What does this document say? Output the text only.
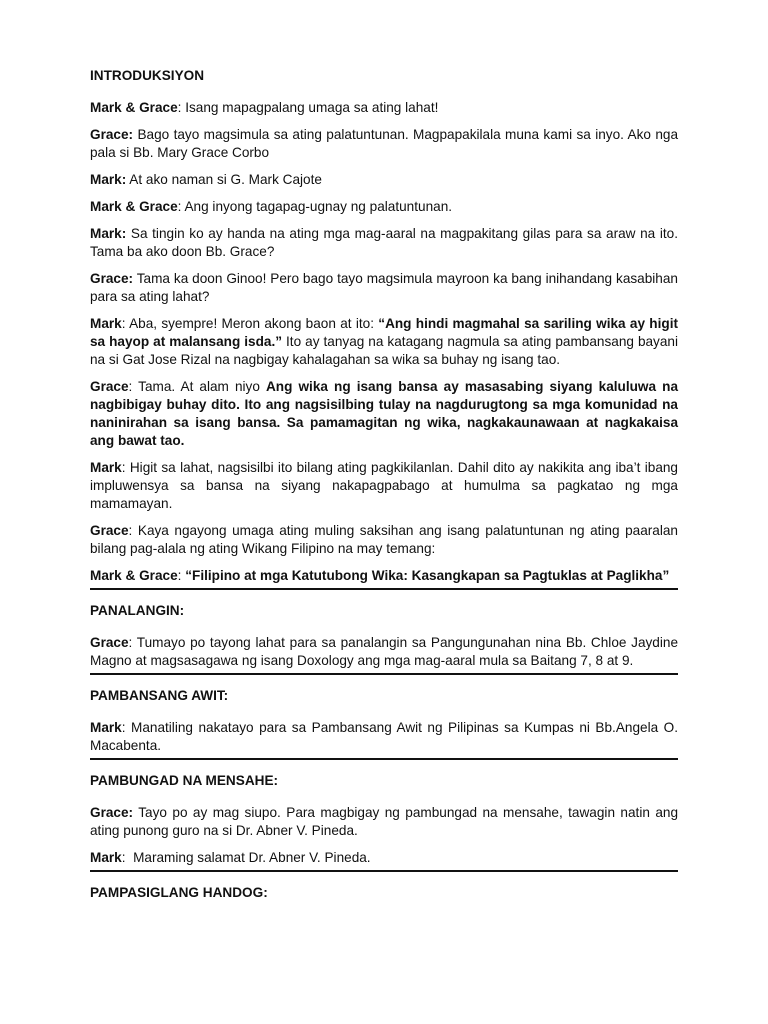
INTRODUKSIYON
Mark & Grace: Isang mapagpalang umaga sa ating lahat!
Grace: Bago tayo magsimula sa ating palatuntunan. Magpapakilala muna kami sa inyo. Ako nga pala si Bb. Mary Grace Corbo
Mark: At ako naman si G. Mark Cajote
Mark & Grace: Ang inyong tagapag-ugnay ng palatuntunan.
Mark: Sa tingin ko ay handa na ating mga mag-aaral na magpakitang gilas para sa araw na ito. Tama ba ako doon Bb. Grace?
Grace: Tama ka doon Ginoo! Pero bago tayo magsimula mayroon ka bang inihandang kasabihan para sa ating lahat?
Mark: Aba, syempre! Meron akong baon at ito: “Ang hindi magmahal sa sariling wika ay higit sa hayop at malansang isda.” Ito ay tanyag na katagang nagmula sa ating pambansang bayani na si Gat Jose Rizal na nagbigay kahalagahan sa wika sa buhay ng isang tao.
Grace: Tama. At alam niyo Ang wika ng isang bansa ay masasabing siyang kaluluwa na nagbibigay buhay dito. Ito ang nagsisilbing tulay na nagdurugtong sa mga komunidad na naninirahan sa isang bansa. Sa pamamagitan ng wika, nagkakaunawaan at nagkakaisa ang bawat tao.
Mark: Higit sa lahat, nagsisilbi ito bilang ating pagkikilanlan. Dahil dito ay nakikita ang iba’t ibang impluwensya sa bansa na siyang nakapagpabago at humulma sa pagkatao ng mga mamamayan.
Grace: Kaya ngayong umaga ating muling saksihan ang isang palatuntunan ng ating paaralan bilang pag-alala ng ating Wikang Filipino na may temang:
Mark & Grace: “Filipino at mga Katutubong Wika: Kasangkapan sa Pagtuklas at Paglikha”
PANALANGIN:
Grace: Tumayo po tayong lahat para sa panalangin sa Pangungunahan nina Bb. Chloe Jaydine Magno at magsasagawa ng isang Doxology ang mga mag-aaral mula sa Baitang 7, 8 at 9.
PAMBANSANG AWIT:
Mark: Manatiling nakatayo para sa Pambansang Awit ng Pilipinas sa Kumpas ni Bb.Angela O. Macabenta.
PAMBUNGAD NA MENSAHE:
Grace: Tayo po ay mag siupo. Para magbigay ng pambungad na mensahe, tawagin natin ang ating punong guro na si Dr. Abner V. Pineda.
Mark:  Maraming salamat Dr. Abner V. Pineda.
PAMPASIGLANG HANDOG:
